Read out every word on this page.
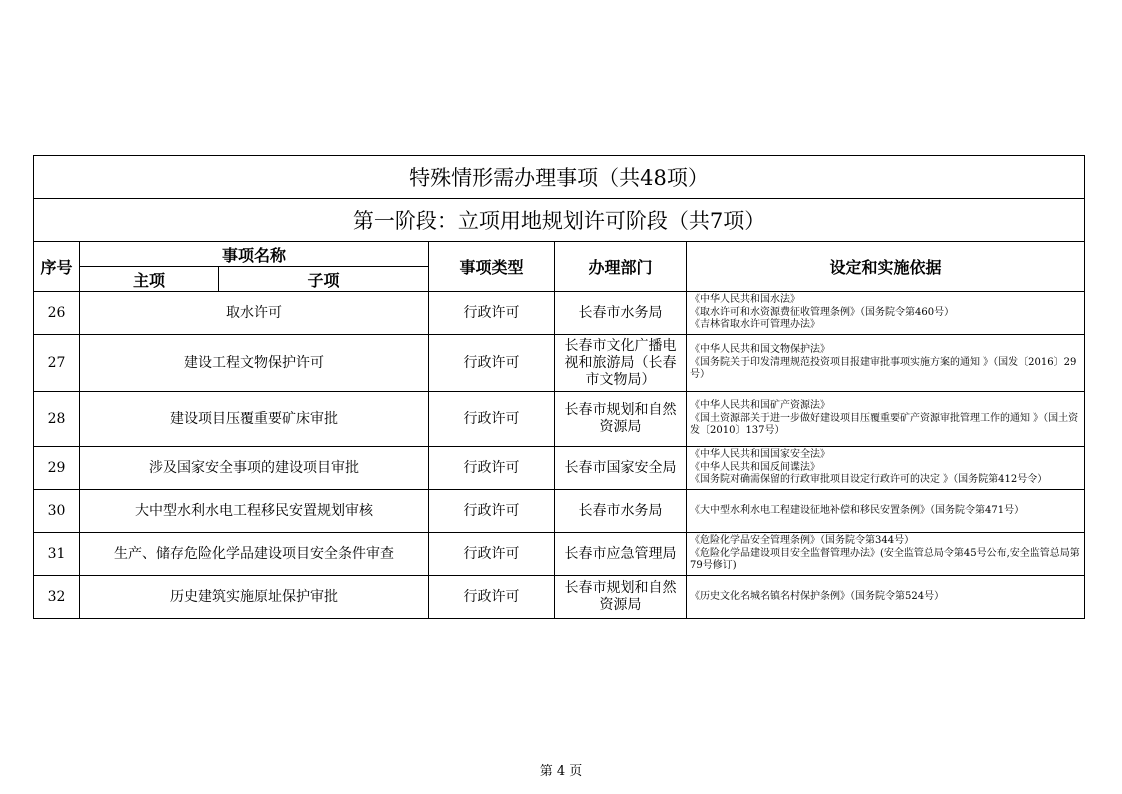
特殊情形需办理事项（共48项）					
第一阶段：立项用地规划许可阶段（共7项）					
序号	事项名称		事项类型	办理部门	设定和实施依据
	主项	子项			
26	取水许可		行政许可	长春市水务局	《中华人民共和国水法》
《取水许可和水资源费征收管理条例》（国务院令第460号）
《吉林省取水许可管理办法》

27	建设工程文物保护许可		行政许可	长春市文化广播电视和旅游局（长春市文物局）	《中华人民共和国文物保护法》
《国务院关于印发清理规范投资项目报建审批事项实施方案的通知 》（国发〔2016〕29号）

28	建设项目压覆重要矿床审批		行政许可	长春市规划和自然资源局	《中华人民共和国矿产资源法》
《国土资源部关于进一步做好建设项目压覆重要矿产资源审批管理工作的通知 》（国土资发〔2010〕137号）

29	涉及国家安全事项的建设项目审批		行政许可	长春市国家安全局	《中华人民共和国国家安全法》
《中华人民共和国反间谍法》
《国务院对确需保留的行政审批项目设定行政许可的决定 》（国务院第412号令）

30	大中型水利水电工程移民安置规划审核		行政许可	长春市水务局	《大中型水利水电工程建设征地补偿和移民安置条例》（国务院令第471号）

31	生产、储存危险化学品建设项目安全条件审查		行政许可	长春市应急管理局	《危险化学品安全管理条例》（国务院令第344号）
《危险化学品建设项目安全监督管理办法》(安全监管总局令第45号公布,安全监管总局第79号修订)

32	历史建筑实施原址保护审批		行政许可	长春市规划和自然资源局	《历史文化名城名镇名村保护条例》（国务院令第524号）
第 4 页
